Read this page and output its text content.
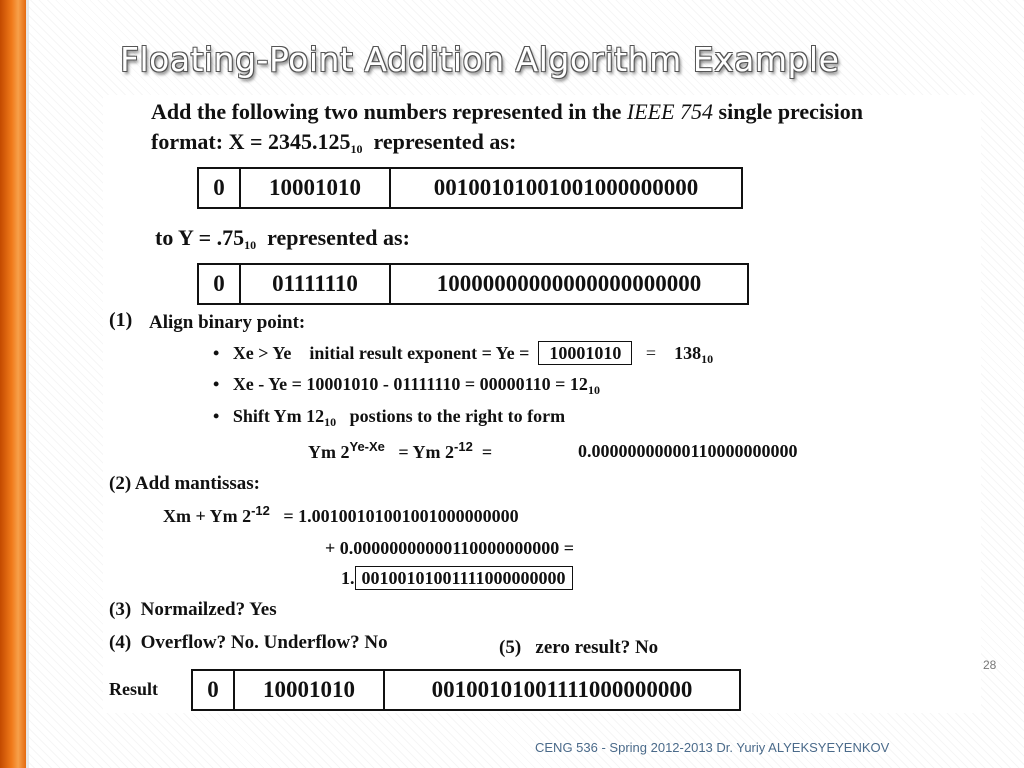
Floating-Point Addition Algorithm Example
Add the following two numbers represented in the IEEE 754 single precision
format: $X = 2345.125_{10}$ represented as:
0	10001010	00100101001001000000000
to $Y = .75_{10}$ represented as:
0	01111110	10000000000000000000000
(1) Align binary point:
• Xe > Ye initial result exponent = $Ye = 10001010 = 138_{10}$
• $Xe - Ye = 10001010 - 01111110 = 00000110 = 12_{10}$
• Shift Ym $12_{10}$ postions to the right to form
Ym $2^{Ye-Xe} = Ym$ $2^{-12}$ =	0.00000000000110000000000
(2) Add mantissas:
Xm + Ym $2^{-12} = 1.00100101001001000000000$
+ 0.00000000000110000000000 =
1. 00100101001111000000000
(3) Normailzed? Yes
(4) Overflow? No. Underflow? No	(5) zero result? No
Result	0	10001010	00100101001111000000000
28
CENG 536 - Spring 2012-2013 Dr. Yuriy ALYEKSYEYENKOV
